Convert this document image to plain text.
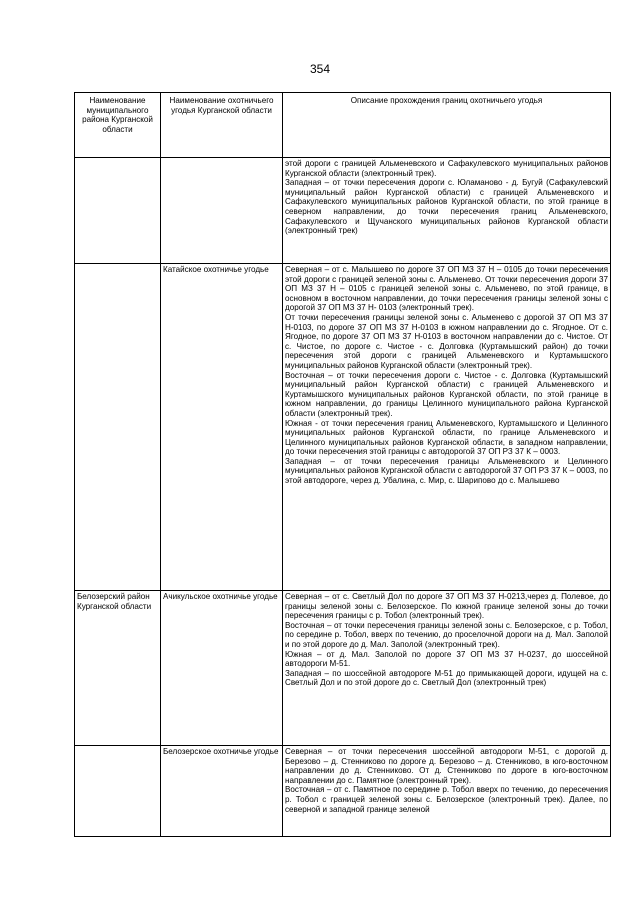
354
Наименование муниципального района Курганской области	Наименование охотничьего угодья Курганской области	Описание прохождения границ охотничьего угодья

		этой дороги с границей Альменевского и Сафакулевского муниципальных районов Курганской области (электронный трек).

Западная – от точки пересечения дороги с. Юламаново - д. Бугуй (Сафакулевский муниципальный район Курганской области) с границей Альменевского и Сафакулевского муниципальных районов Курганской области, по этой границе в северном направлении, до точки пересечения границ Альменевского, Сафакулевского и Щучанского муниципальных районов Курганской области (электронный трек)

	Катайское охотничье угодье	Северная – от с. Малышево по дороге 37 ОП МЗ 37 Н – 0105 до точки пересечения этой дороги с границей зеленой зоны с. Альменево. От точки пересечения дороги 37 ОП МЗ 37 Н – 0105 с границей зеленой зоны с. Альменево, по этой границе, в основном в восточном направлении, до точки пересечения границы зеленой зоны с дорогой 37 ОП МЗ 37 Н- 0103 (электронный трек).

От точки пересечения границы зеленой зоны с. Альменево с дорогой 37 ОП МЗ 37 Н-0103, по дороге 37 ОП МЗ 37 Н-0103 в южном направлении до с. Ягодное. От с. Ягодное, по дороге 37 ОП МЗ 37 Н-0103 в восточном направлении до с. Чистое. От с. Чистое, по дороге с. Чистое - с. Долговка (Куртамышский район) до точки пересечения этой дороги с границей Альменевского и Куртамышского муниципальных районов Курганской области (электронный трек).

Восточная – от точки пересечения дороги с. Чистое - с. Долговка (Куртамышский муниципальный район Курганской области) с границей Альменевского и Куртамышского муниципальных районов Курганской области, по этой границе в южном направлении, до границы Целинного муниципального района Курганской области (электронный трек).

Южная - от точки пересечения границ Альменевского, Куртамышского и Целинного муниципальных районов Курганской области, по границе Альменевского и Целинного муниципальных районов Курганской области, в западном направлении, до точки пересечения этой границы с автодорогой 37 ОП РЗ 37 К – 0003.

Западная – от точки пересечения границы Альменевского и Целинного муниципальных районов Курганской области с автодорогой 37 ОП РЗ 37 К – 0003, по этой автодороге, через д. Убалина, с. Мир, с. Шарипово до с. Малышево

Белозерский район Курганской области	Ачикульское охотничье угодье	Северная – от с. Светлый Дол по дороге 37 ОП МЗ 37 Н-0213,через д. Полевое, до границы зеленой зоны с. Белозерское. По южной границе зеленой зоны до точки пересечения границы с р. Тобол (электронный трек).

Восточная – от точки пересечения границы зеленой зоны с. Белозерское, с р. Тобол, по середине р. Тобол, вверх по течению, до проселочной дороги на д. Мал. Заполой и по этой дороге до д. Мал. Заполой (электронный трек).

Южная – от д. Мал. Заполой по дороге 37 ОП МЗ 37 Н-0237, до шоссейной автодороги М-51.

Западная – по шоссейной автодороге М-51 до примыкающей дороги, идущей на с. Светлый Дол и по этой дороге до с. Светлый Дол (электронный трек)

	Белозерское охотничье угодье	Северная – от точки пересечения шоссейной автодороги М-51, с дорогой д. Березово – д. Стенниково по дороге д. Березово – д. Стенниково, в юго-восточном направлении до д. Стенниково. От д. Стенниково по дороге в юго-восточном направлении до с. Памятное (электронный трек).

Восточная – от с. Памятное по середине р. Тобол вверх по течению, до пересечения р. Тобол с границей зеленой зоны с. Белозерское (электронный трек). Далее, по северной и западной границе зеленой
